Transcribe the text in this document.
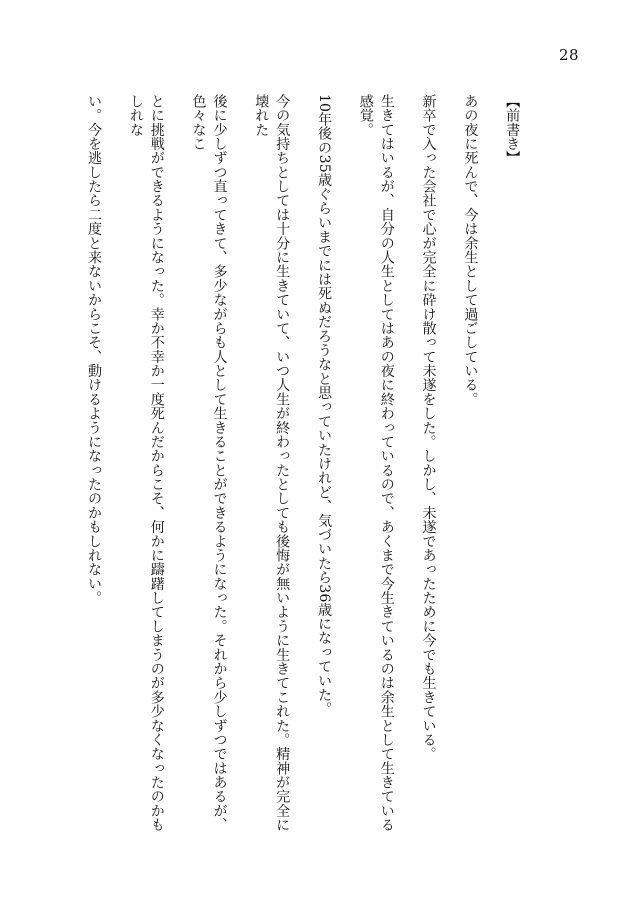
28

【前書き】

あの夜に死んで、今は余生として過ごしている。

新卒で入った会社で心が完全に砕け散って未遂をした。しかし、未遂であったために今でも生きている。

生きてはいるが、自分の人生としてはあの夜に終わっているので、あくまで今生きているのは余生として生きている感覚。

10年後の35歳ぐらいまでには死ぬだろうなと思っていたけれど、気づいたら36歳になっていた。

今の気持ちとしては十分に生きていて、いつ人生が終わったとしても後悔が無いように生きてこれた。精神が完全に壊れた

後に少しずつ直ってきて、多少ながらも人として生きることができるようになった。それから少しずつではあるが、色々なこ

とに挑戦ができるようになった。幸か不幸か一度死んだからこそ、何かに躊躇してしまうのが多少なくなったのかもしれな

い。今を逃したら二度と来ないからこそ、動けるようになったのかもしれない。
